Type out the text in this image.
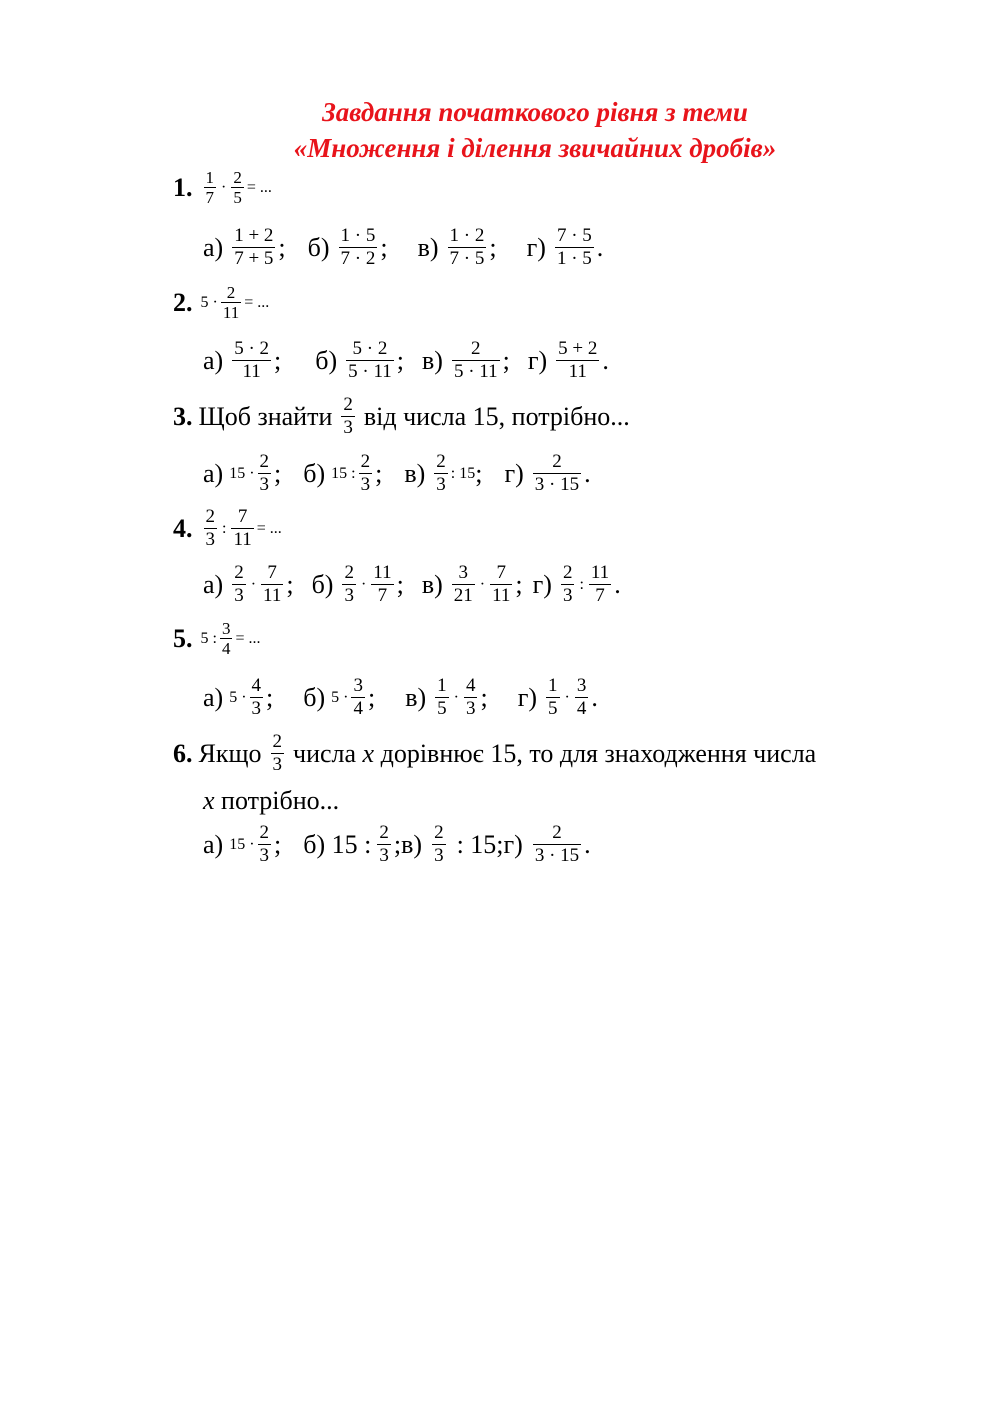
Завдання початкового рівня з теми
«Множення і ділення звичайних дробів»
1. $\frac{1}{7} \cdot \frac{2}{5}$ = ...
$а) \frac{1 + 2}{7 + 5}$ ; $б) \frac{1 \cdot 5}{7 \cdot 2}$ ; $в) \frac{1 \cdot 2}{7 \cdot 5}$ ; $г) \frac{7 \cdot 5}{1 \cdot 5}$ .
2. $5 \cdot \frac{2}{11}$ = ...
$а) \frac{5 \cdot 2}{11}$ ; $б) \frac{5 \cdot 2}{5 \cdot 11}$ ; $в) \frac{2}{5 \cdot 11}$ ; $г) \frac{5 + 2}{11}$ .
3. Щоб знайти $\frac{2}{3}$ від числа 15, потрібно...
а) $15 \cdot \frac{2}{3}$ ; б) 15 : $\frac{2}{3}$ ; $в) \frac{2}{3}$ : 15 ; $г) \frac{2}{3 \cdot 15}$ .
4. $\frac{2}{3}$ : $\frac{7}{11}$ = ...
$а) \frac{2}{3} \cdot \frac{7}{11}$ ; $б) \frac{2}{3} \cdot \frac{11}{7}$ ; $в) \frac{3}{21} \cdot \frac{7}{11}$ ; $г) \frac{2}{3}$ : $\frac{11}{7}$ .
5. 5 : $\frac{3}{4}$ = ...
а) $5 \cdot \frac{4}{3}$ ; б) $5 \cdot \frac{3}{4}$ ; $в) \frac{1}{5} \cdot \frac{4}{3}$ ; $г) \frac{1}{5} \cdot \frac{3}{4}$ .
6. Якщо $\frac{2}{3}$ числа
x
дорівнює 15, то для знаходження числа
x
потрібно...
а) $15 \cdot \frac{2}{3}$ ; б) 15 : $\frac{2}{3}$ ;в) $\frac{2}{3}$ : 15;г) $\frac{2}{3 \cdot 15}$ .
